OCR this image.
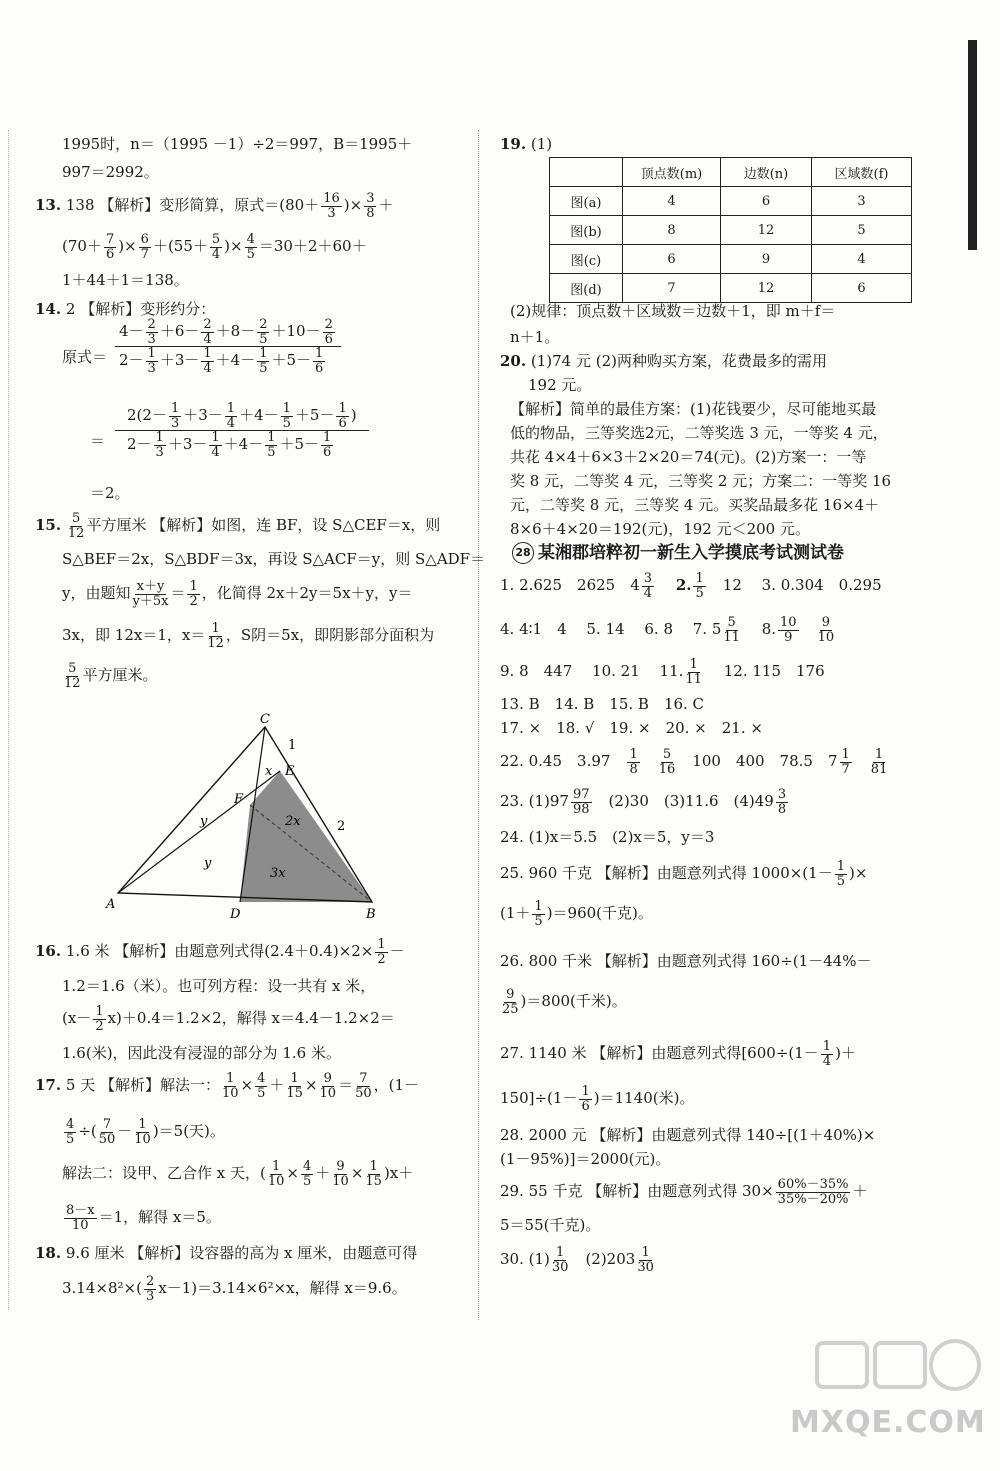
1995时，n＝（1995 －1）÷2＝997，B＝1995＋
997＝2992。
13. 138 【解析】变形简算，原式$=(80+ \frac{16}{3}$ )× $\frac{3}{8}$ ＋
($70+ \frac{7}{6}$ )× $\frac{6}{7} +(55+ \frac{5}{4}$ )× $\frac{4}{5} =30+2+60+$
1＋44＋1＝138。
14. 2 【解析】变形约分：
原式＝
$4- \frac{2}{3} +6- \frac{2}{4} +8- \frac{2}{5} +10- \frac{2}{6}$
$2- \frac{1}{3} +3- \frac{1}{4} +4- \frac{1}{5} +5- \frac{1}{6}$
＝
$2(2- \frac{1}{3} +3- \frac{1}{4} +4- \frac{1}{5} +5- \frac{1}{6}$ )
$2- \frac{1}{3} +3- \frac{1}{4} +4- \frac{1}{5} +5- \frac{1}{6}$
＝2。
15. $\frac{5}{12}$ 平方厘米 【解析】如图，连 BF，设 S△CEF＝x，则
S△BEF＝2x，S△BDF＝3x，再设 S△ACF＝y，则 S△ADF＝
y，由题知 $\frac{x+y}{y+5x} = \frac{1}{2}$ ，化简得 2x＋2y＝5x＋y，y＝
3x，即 12x＝1，$x= \frac{1}{12}$ ，S阴＝5x，即阴影部分面积为
$\frac{5}{12}$ 平方厘米。
C
1
E
x
F
y
y
2x	2
3x
A
D	B
16. 1.6 米 【解析】由题意列式得$(2.4+0.4)\times 2\times \frac{1}{2}$ －
1.2＝1.6（米）。也可列方程：设一共有 x 米，
$(x- \frac{1}{2} x)+0.4=1.2\times 2$，解得 x＝4.4－1.2×2＝
1.6(米)，因此没有浸湿的部分为 1.6 米。
17. 5 天 【解析】解法一： $\frac{1}{10} \times \frac{4}{5} + \frac{1}{15} \times \frac{9}{10} = \frac{7}{50}$ ，(1－
$\frac{4}{5}$ ÷( $\frac{7}{50} - \frac{1}{10} )=5$(天)。
解法二：设甲、乙合作 x 天，( $\frac{1}{10} \times \frac{4}{5} + \frac{9}{10} \times \frac{1}{15} )x+$
$\frac{8-x}{10} =1$，解得 x＝5。
18. 9.6 厘米 【解析】设容器的高为 x 厘米，由题意可得
$3.14\times 8^2\times( \frac{2}{3} x-1)=3.14\times 6^2\times x$，解得 x＝9.6。
19. (1)
	顶点数(m)	边数(n)	区域数(f)
图(a)	4	6	3
图(b)	8	12	5
图(c)	6	9	4
图(d)	7	12	6
(2)规律：顶点数＋区域数＝边数＋1，即 m＋f＝
n＋1。
20. (1)74 元 (2)两种购买方案，花费最多的需用
192 元。
【解析】简单的最佳方案：(1)花钱要少，尽可能地买最
低的物品，三等奖选2元，二等奖选 3 元，一等奖 4 元，
共花 4×4＋6×3＋2×20＝74(元)。(2)方案一：一等
奖 8 元，二等奖 4 元，三等奖 2 元；方案二：一等奖 16
元，二等奖 8 元，三等奖 4 元。买奖品最多花 16×4＋
8×6＋4×20＝192(元)，192 元＜200 元。
28 某湘郡培粹初一新生入学摸底考试测试卷
1. 2.625　2625　$4 \frac{3}{4}$
　 2. $\frac{1}{5}$
　 12　 3. 0.304　0.295
4. 4∶1　4　 5. 14　 6. 8　 7. $5 \frac{5}{11}$
　 8. $\frac{10}{9}$
　 $\frac{9}{10}$
9. 8　447　 10. 21　 11. $\frac{1}{11}$
　 12. 115　176
13. B　14. B　15. B　16. C
17. ×　18. √　19. ×　20. ×　21. ×
22. 0.45　3.97　 $\frac{1}{8}$
　 $\frac{5}{16}$
　 100　400　78.5　$7 \frac{1}{7}$
　 $\frac{1}{81}$
23. $(1)97 \frac{97}{98}$
　 (2)30　(3)11.6　$(4)49 \frac{3}{8}$
24. (1)x＝5.5　(2)x＝5，y＝3
25. 960 千克 【解析】由题意列式得 $1000\times(1- \frac{1}{5}$ )×
$(1+ \frac{1}{5} )=960$(千克)。
26. 800 千米 【解析】由题意列式得 160÷(1－44%－
$\frac{9}{25} )=800$(千米)。
27. 1140 米 【解析】由题意列式得[$600\div(1- \frac{1}{4}$ )＋
$150]\div(1- \frac{1}{6} )=1140$(米)。
28. 2000 元 【解析】由题意列式得 140÷[(1＋40%)×
(1－95%)]＝2000(元)。
29. 55 千克 【解析】由题意列式得 $30\times \frac{60\%-35\%}{35\%-20\%}$ ＋
5＝55(千克)。
30. $(1) \frac{1}{30}$
　 $(2)203 \frac{1}{30}$
MXQE.COM
